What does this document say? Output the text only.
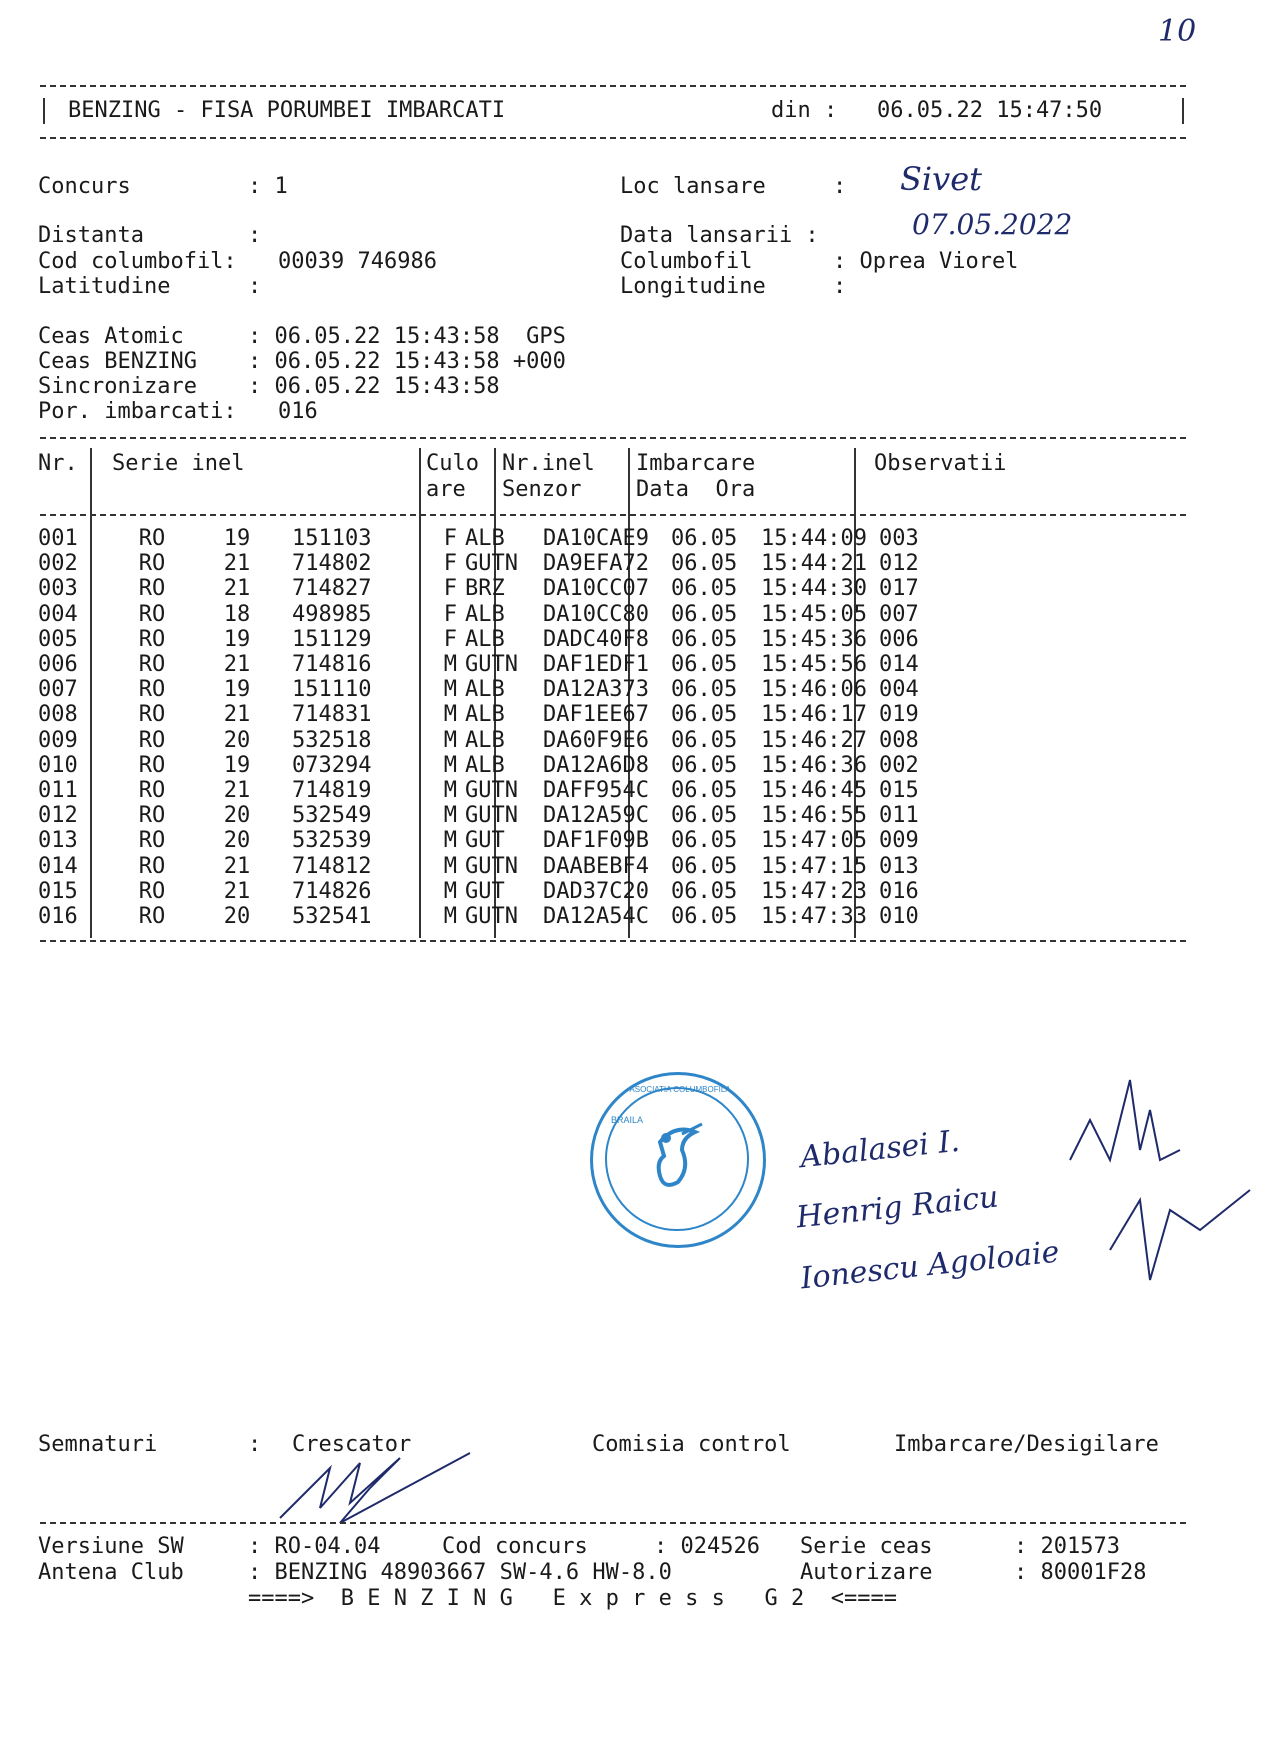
10
BENZING - FISA PORUMBEI IMBARCATI	din : 06.05.22 15:47:50
Concurs	: 1	Loc lansare	: Sivet
Distanta	:	Data lansarii :	07.05.2022
Cod columbofil: 00039 746986	Columbofil	: Oprea Viorel
Latitudine	:	Longitudine	:
Ceas Atomic	: 06.05.22 15:43:58  GPS
Ceas BENZING : 06.05.22 15:43:58 +000
Sincronizare : 06.05.22 15:43:58
Por. imbarcati: 016
Nr. Serie inel	Culo
are
Nr.inel
Senzor
Imbarcare
Data  Ora
Observatii
001	RO	19	151103	F	ALB	DA10CAE9	06.05	15:44:09	003
002	RO	21	714802	F	GUTN	DA9EFA72	06.05	15:44:21	012
003	RO	21	714827	F	BRZ	DA10CC07	06.05	15:44:30	017
004	RO	18	498985	F	ALB	DA10CC80	06.05	15:45:05	007
005	RO	19	151129	F	ALB	DADC40F8	06.05	15:45:36	006
006	RO	21	714816	M	GUTN	DAF1EDF1	06.05	15:45:56	014
007	RO	19	151110	M	ALB	DA12A373	06.05	15:46:06	004
008	RO	21	714831	M	ALB	DAF1EE67	06.05	15:46:17	019
009	RO	20	532518	M	ALB	DA60F9E6	06.05	15:46:27	008
010	RO	19	073294	M	ALB	DA12A6D8	06.05	15:46:36	002
011	RO	21	714819	M	GUTN	DAFF954C	06.05	15:46:45	015
012	RO	20	532549	M	GUTN	DA12A59C	06.05	15:46:55	011
013	RO	20	532539	M	GUT	DAF1F09B	06.05	15:47:05	009
014	RO	21	714812	M	GUTN	DAABEBF4	06.05	15:47:15	013
015	RO	21	714826	M	GUT	DAD37C20	06.05	15:47:23	016
016	RO	20	532541	M	GUTN	DA12A54C	06.05	15:47:33	010
ASOCIATIA COLUMBOFILA
BRAILA
Abalasei I.
Henrig Raicu
Ionescu Agoloaie
Semnaturi	: Crescator	Comisia control	Imbarcare/Desigilare
Versiune SW	: RO-04.04	Cod concurs	: 024526 Serie ceas	: 201573
Antena Club	: BENZING 48903667 SW-4.6 HW-8.0	Autorizare	: 80001F28
====>  B E N Z I N G   E x p r e s s   G 2  <====
